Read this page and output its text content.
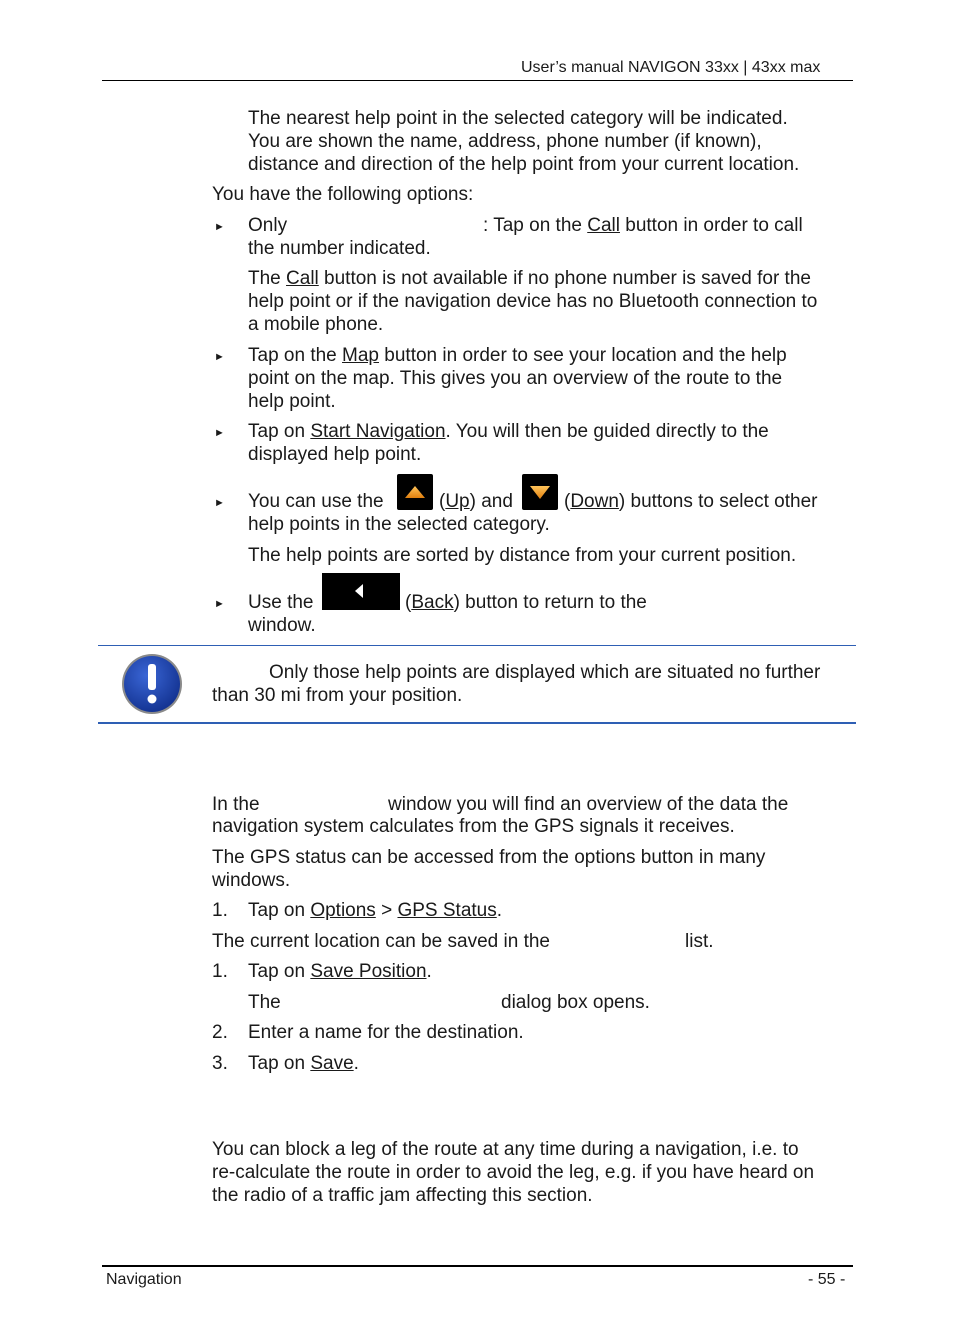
User’s manual NAVIGON 33xx | 43xx max
The nearest help point in the selected category will be indicated.
You are shown the name, address, phone number (if known),
distance and direction of the help point from your current location.
You have the following options:
► Only	: Tap on the Call button in order to call
the number indicated.
The Call button is not available if no phone number is saved for the
help point or if the navigation device has no Bluetooth connection to
a mobile phone.
► Tap on the Map button in order to see your location and the help
point on the map. This gives you an overview of the route to the
help point.
► Tap on Start Navigation. You will then be guided directly to the
displayed help point.
► You can use the	(Up) and	(Down) buttons to select other
help points in the selected category.
The help points are sorted by distance from your current position.
► Use the	(Back) button to return to the
window.
Only those help points are displayed which are situated no further
than 30 mi from your position.
In the	window you will find an overview of the data the
navigation system calculates from the GPS signals it receives.
The GPS status can be accessed from the options button in many
windows.
1. Tap on Options > GPS Status.
The current location can be saved in the	list.
1. Tap on Save Position.
The	dialog box opens.
2. Enter a name for the destination.
3. Tap on Save.
You can block a leg of the route at any time during a navigation, i.e. to
re-calculate the route in order to avoid the leg, e.g. if you have heard on
the radio of a traffic jam affecting this section.
Navigation	- 55 -
